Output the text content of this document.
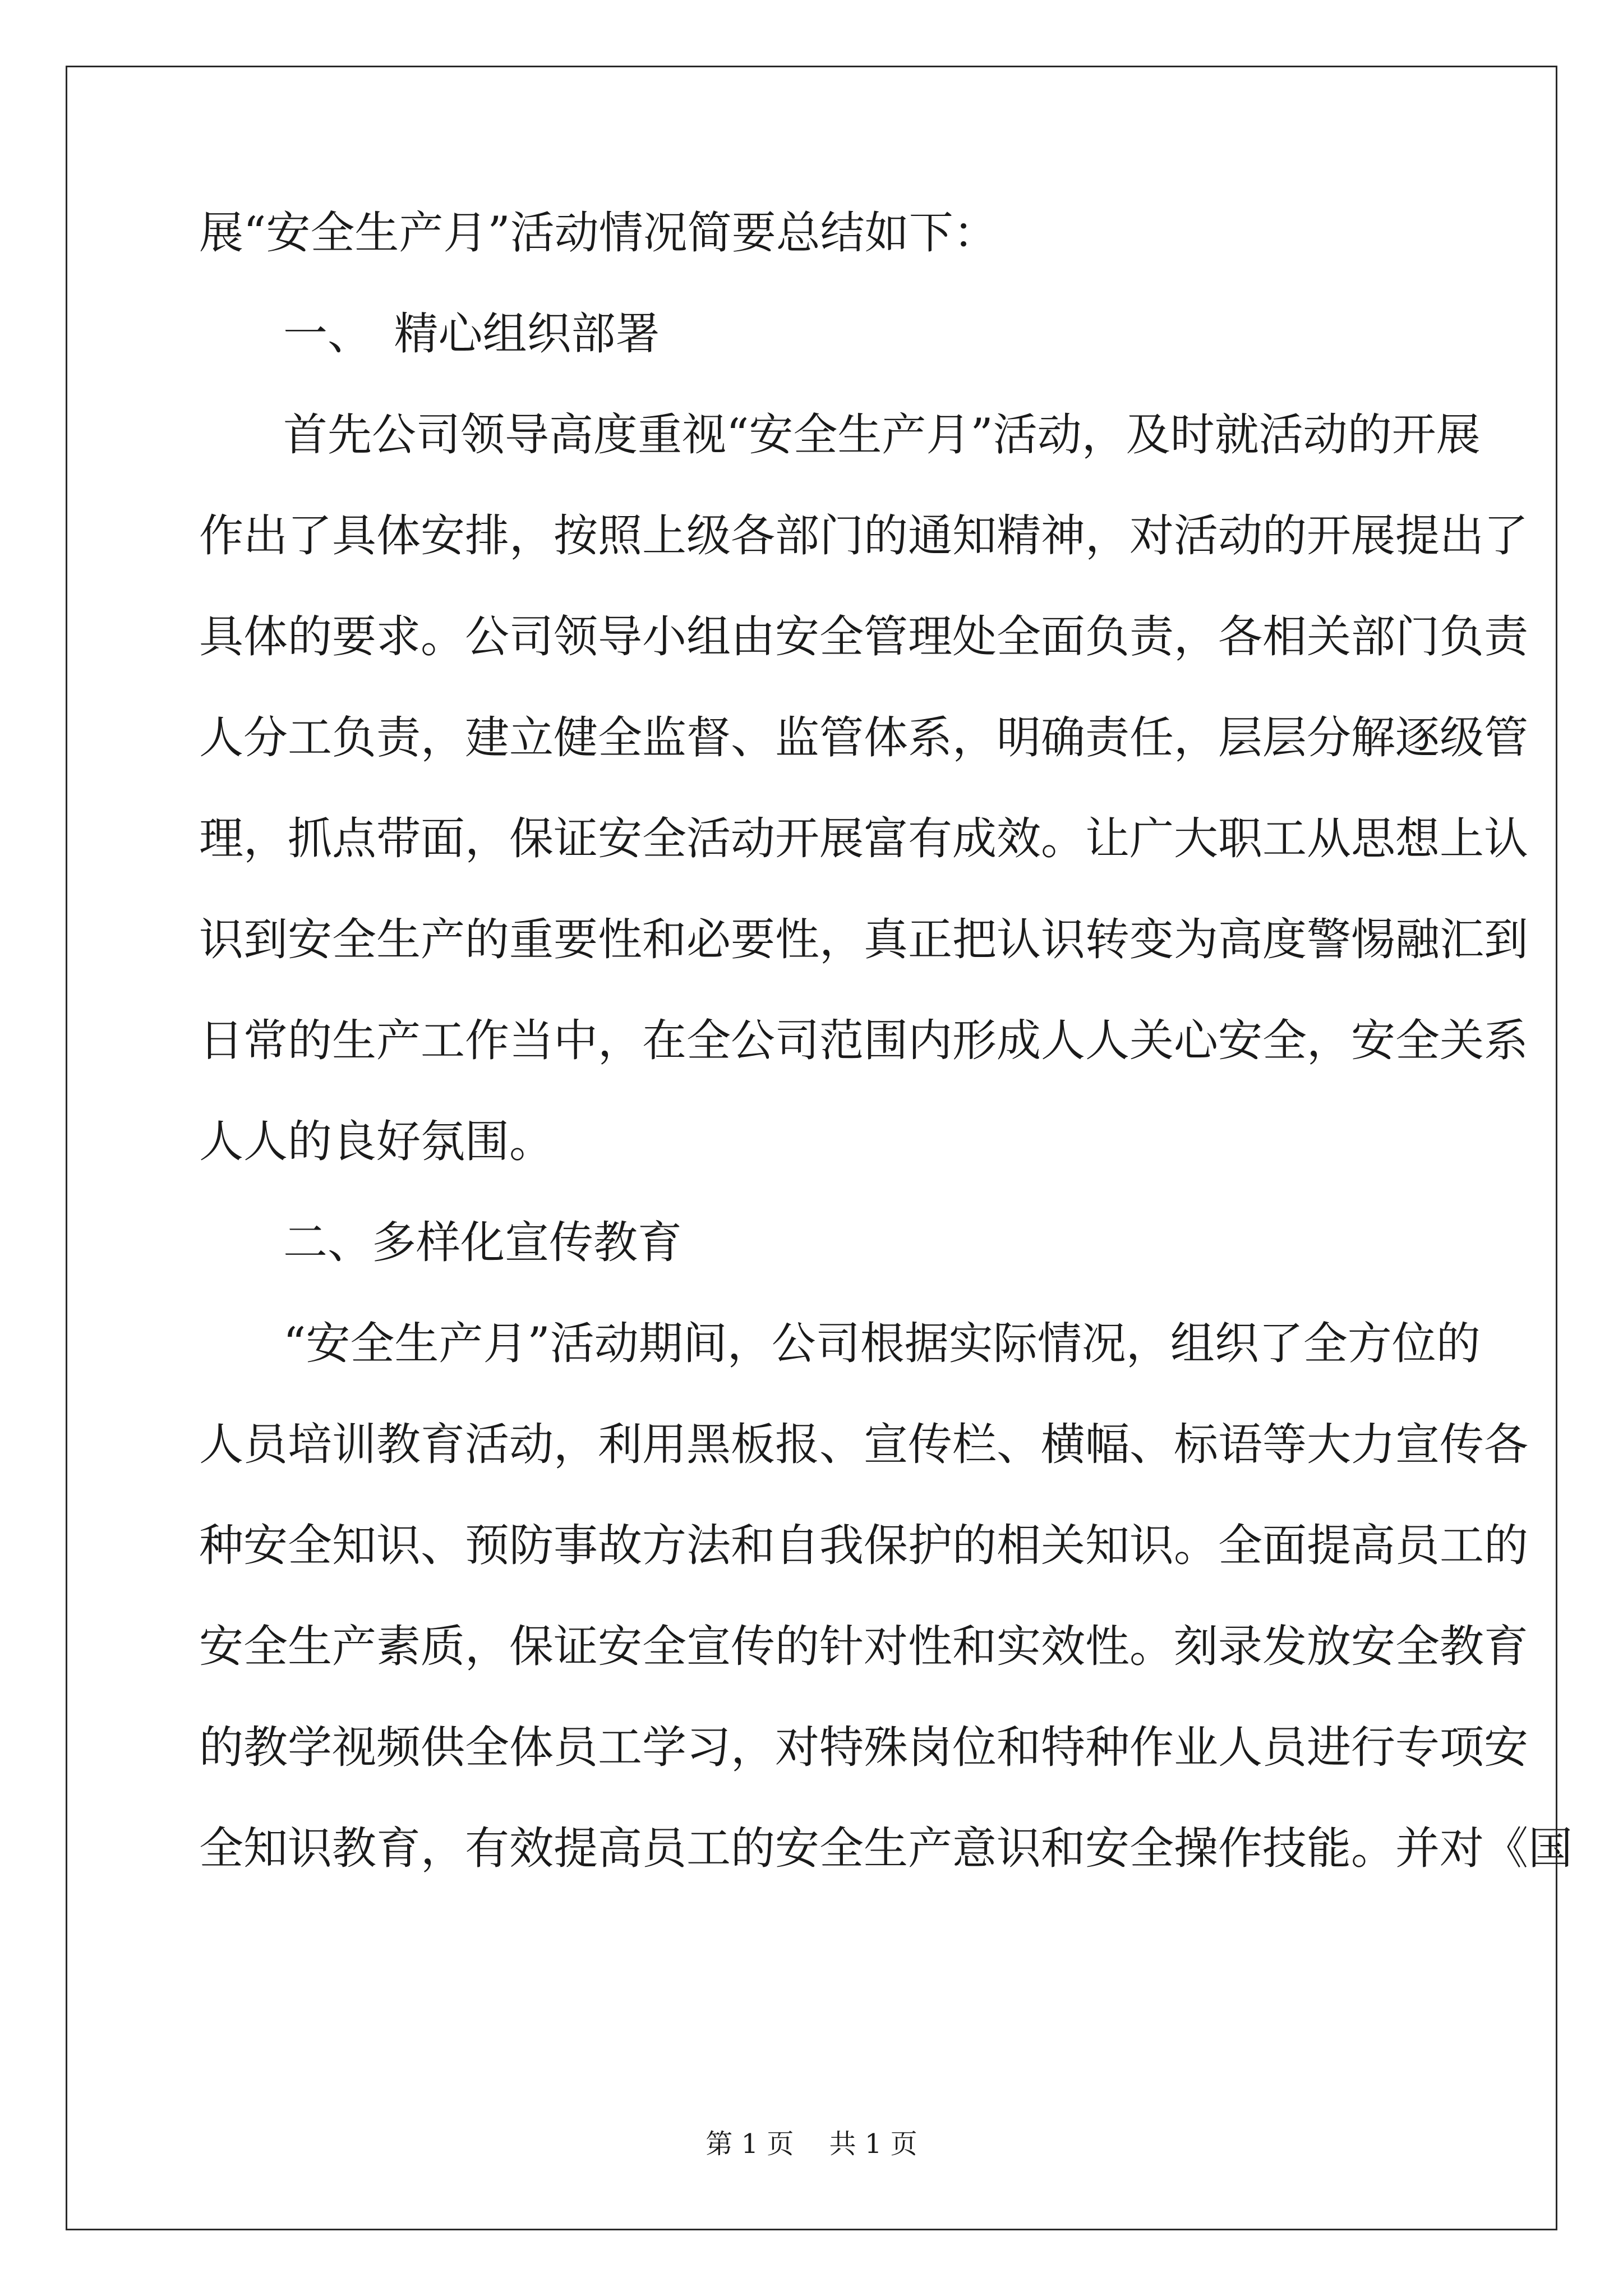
展“安全生产月”活动情况简要总结如下：
一、　精心组织部署
首先公司领导高度重视“安全生产月”活动，及时就活动的开展
作出了具体安排，按照上级各部门的通知精神，对活动的开展提出了
具体的要求。公司领导小组由安全管理处全面负责，各相关部门负责
人分工负责，建立健全监督、监管体系，明确责任，层层分解逐级管
理，抓点带面，保证安全活动开展富有成效。让广大职工从思想上认
识到安全生产的重要性和必要性，真正把认识转变为高度警惕融汇到
日常的生产工作当中，在全公司范围内形成人人关心安全，安全关系
人人的良好氛围。
二、多样化宣传教育
“安全生产月”活动期间，公司根据实际情况，组织了全方位的
人员培训教育活动，利用黑板报、宣传栏、横幅、标语等大力宣传各
种安全知识、预防事故方法和自我保护的相关知识。全面提高员工的
安全生产素质，保证安全宣传的针对性和实效性。刻录发放安全教育
的教学视频供全体员工学习，对特殊岗位和特种作业人员进行专项安
全知识教育，有效提高员工的安全生产意识和安全操作技能。并对《国
第 1 页　 共 1 页
